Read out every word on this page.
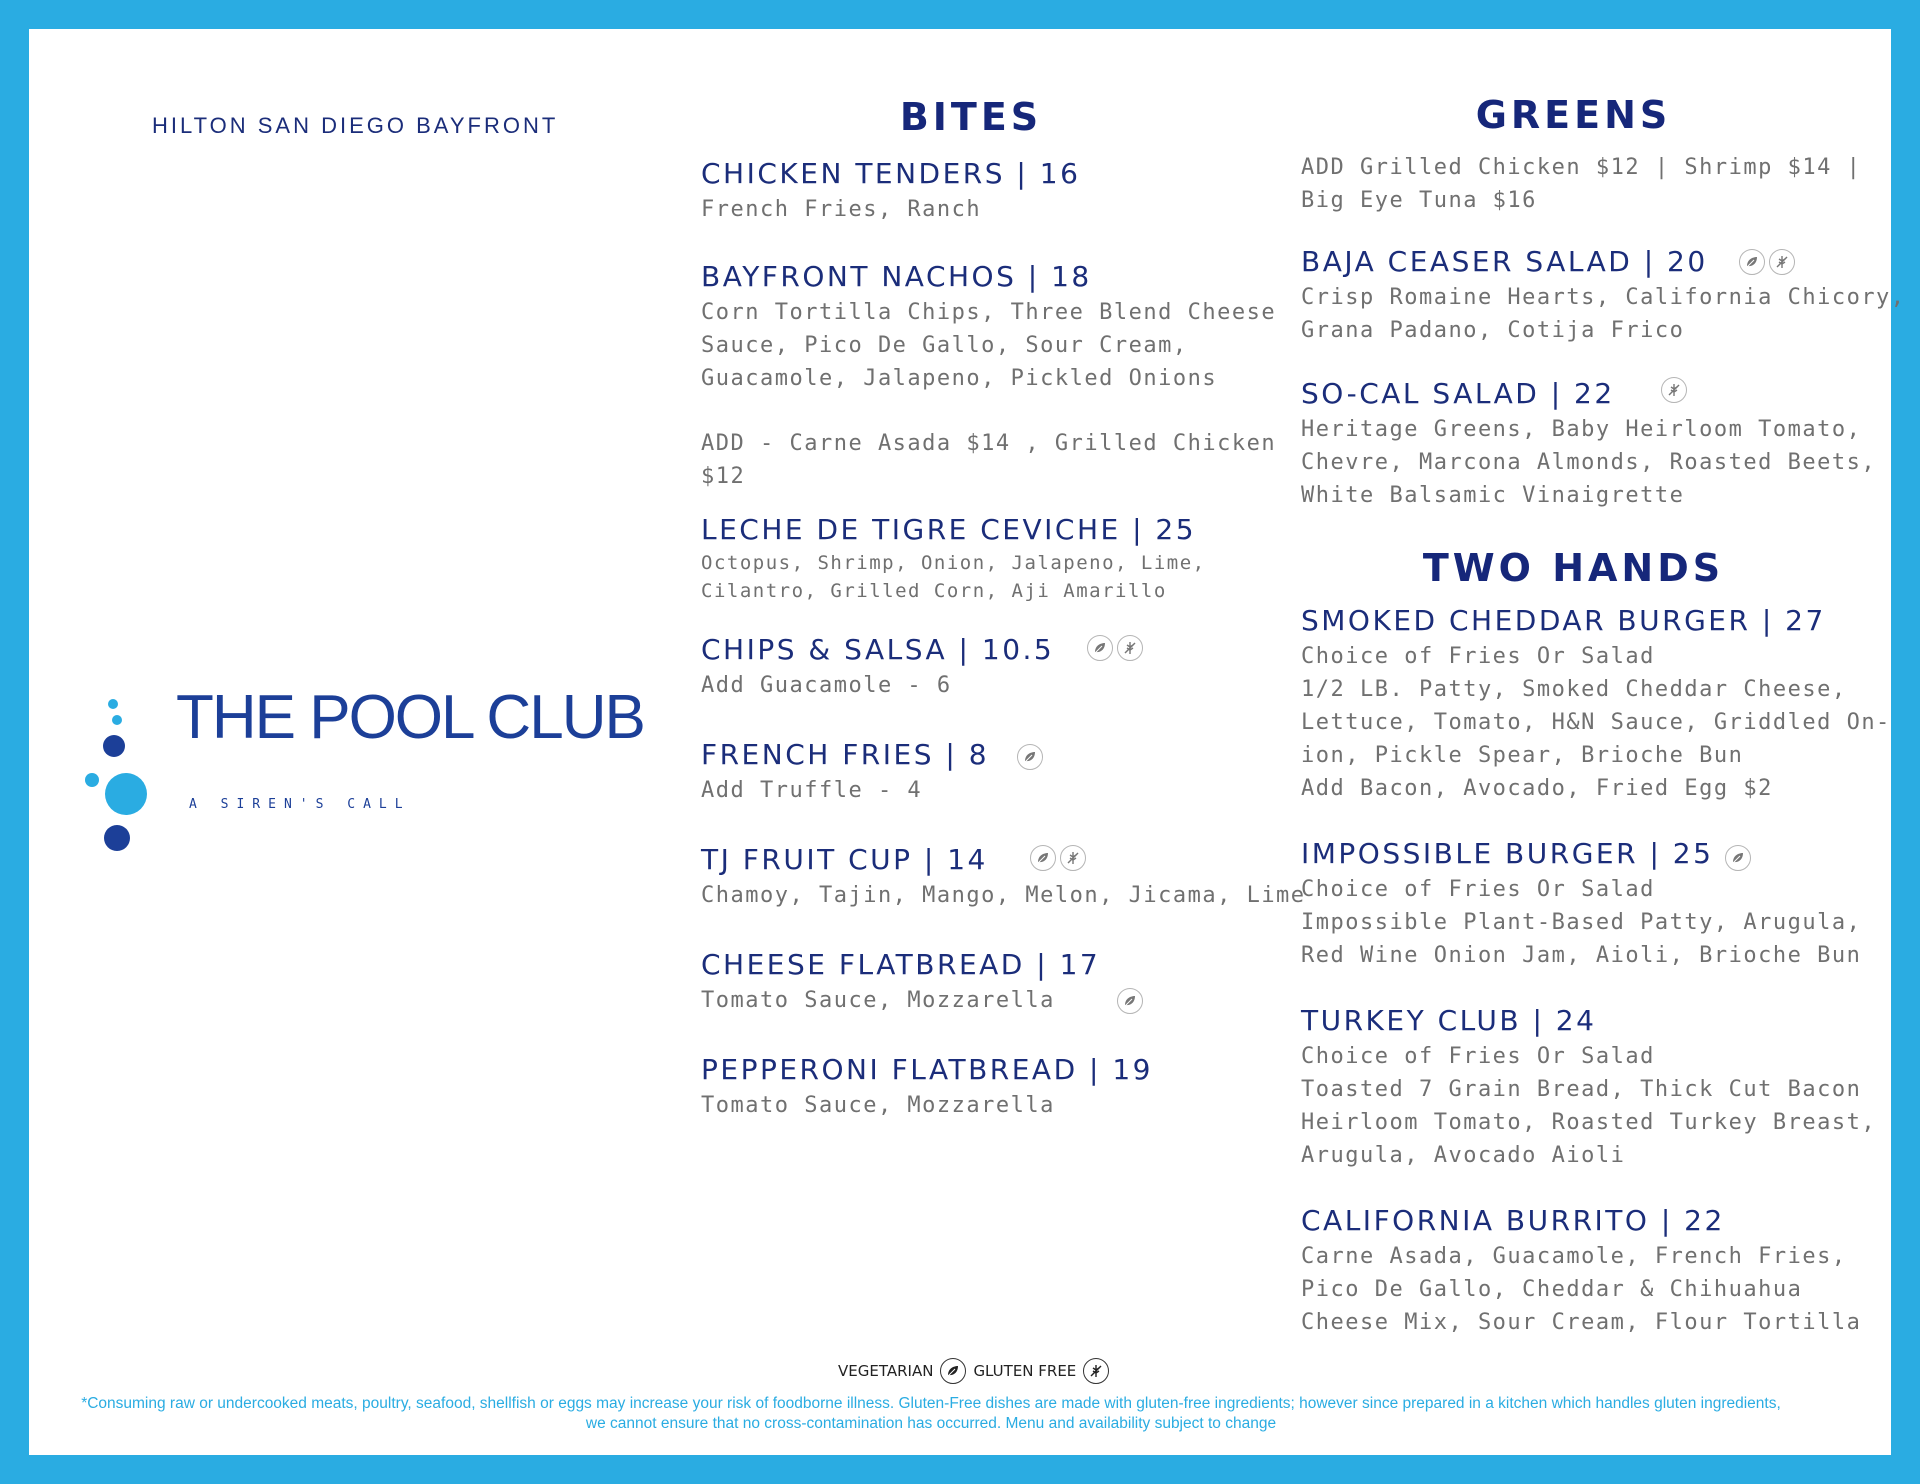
HILTON SAN DIEGO BAYFRONT
THE POOL CLUB
A SIREN'S CALL
BITES
CHICKEN TENDERS | 16
French Fries, Ranch
BAYFRONT NACHOS | 18
Corn Tortilla Chips, Three Blend Cheese
Sauce, Pico De Gallo, Sour Cream,
Guacamole, Jalapeno, Pickled Onions
ADD - Carne Asada $14 , Grilled Chicken
$12
LECHE DE TIGRE CEVICHE | 25
Octopus, Shrimp, Onion, Jalapeno, Lime,
Cilantro, Grilled Corn, Aji Amarillo
CHIPS & SALSA | 10.5
Add Guacamole - 6
FRENCH FRIES | 8
Add Truffle - 4
TJ FRUIT CUP | 14
Chamoy, Tajin, Mango, Melon, Jicama, Lime
CHEESE FLATBREAD | 17
Tomato Sauce, Mozzarella
PEPPERONI FLATBREAD | 19
Tomato Sauce, Mozzarella
GREENS
ADD Grilled Chicken $12 | Shrimp $14 |
Big Eye Tuna $16
BAJA CEASER SALAD | 20
Crisp Romaine Hearts, California Chicory,
Grana Padano, Cotija Frico
SO-CAL SALAD | 22
Heritage Greens, Baby Heirloom Tomato,
Chevre, Marcona Almonds, Roasted Beets,
White Balsamic Vinaigrette
TWO HANDS
SMOKED CHEDDAR BURGER | 27
Choice of Fries Or Salad
1/2 LB. Patty, Smoked Cheddar Cheese,
Lettuce, Tomato, H&N Sauce, Griddled On-
ion, Pickle Spear, Brioche Bun
Add Bacon, Avocado, Fried Egg $2
IMPOSSIBLE BURGER | 25
Choice of Fries Or Salad
Impossible Plant-Based Patty, Arugula,
Red Wine Onion Jam, Aioli, Brioche Bun
TURKEY CLUB | 24
Choice of Fries Or Salad
Toasted 7 Grain Bread, Thick Cut Bacon
Heirloom Tomato, Roasted Turkey Breast,
Arugula, Avocado Aioli
CALIFORNIA BURRITO | 22
Carne Asada, Guacamole, French Fries,
Pico De Gallo, Cheddar & Chihuahua
Cheese Mix, Sour Cream, Flour Tortilla
VEGETARIAN	GLUTEN FREE
*Consuming raw or undercooked meats, poultry, seafood, shellfish or eggs may increase your risk of foodborne illness. Gluten-Free dishes are made with gluten-free ingredients; however since prepared in a kitchen which handles gluten ingredients, we cannot ensure that no cross-contamination has occurred. Menu and availability subject to change
